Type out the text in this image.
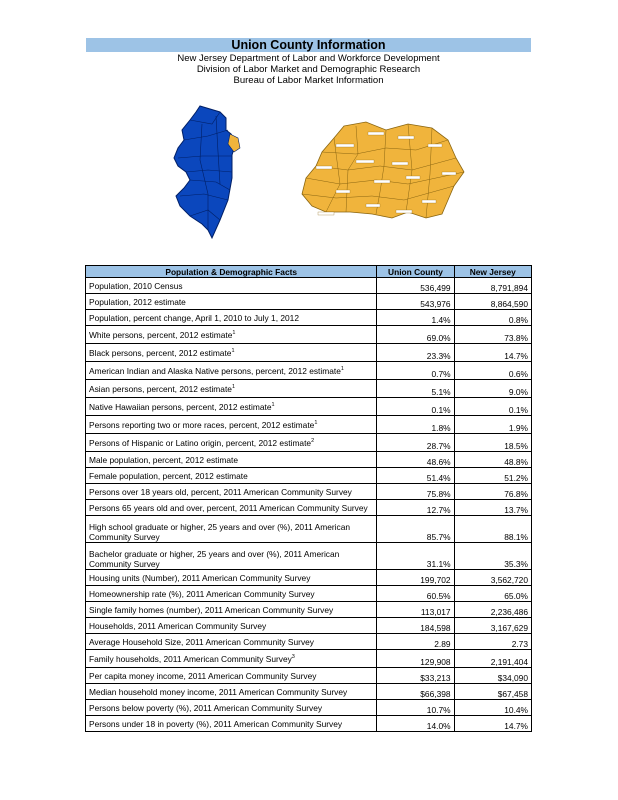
Union County Information
New Jersey Department of Labor and Workforce Development
Division of Labor Market and Demographic Research
Bureau of Labor Market Information
Population & Demographic Facts	Union County	New Jersey
Population, 2010 Census	536,499	8,791,894
Population, 2012 estimate	543,976	8,864,590
Population, percent change, April 1, 2010 to July 1, 2012	1.4%	0.8%
White persons, percent, 2012 estimate$^1$	69.0%	73.8%
Black persons, percent, 2012 estimate$^1$	23.3%	14.7%
American Indian and Alaska Native persons, percent, 2012 estimate$^1$	0.7%	0.6%
Asian persons, percent, 2012 estimate$^1$	5.1%	9.0%
Native Hawaiian persons, percent, 2012 estimate$^1$	0.1%	0.1%
Persons reporting two or more races, percent, 2012 estimate$^1$	1.8%	1.9%
Persons of Hispanic or Latino origin, percent, 2012 estimate$^2$	28.7%	18.5%
Male population, percent, 2012 estimate	48.6%	48.8%
Female population, percent, 2012 estimate	51.4%	51.2%
Persons over 18 years old, percent, 2011 American Community Survey	75.8%	76.8%
Persons 65 years old and over, percent, 2011 American Community Survey	12.7%	13.7%
High school graduate or higher, 25 years and over (%), 2011 American Community Survey	85.7%	88.1%
Bachelor graduate or higher, 25 years and over (%), 2011 American Community Survey	31.1%	35.3%
Housing units (Number), 2011 American Community Survey	199,702	3,562,720
Homeownership rate (%), 2011 American Community Survey	60.5%	65.0%
Single family homes (number), 2011 American Community Survey	113,017	2,236,486
Households, 2011 American Community Survey	184,598	3,167,629
Average Household Size, 2011 American Community Survey	2.89	2.73
Family households, 2011 American Community Survey$^3$	129,908	2,191,404
Per capita money income, 2011 American Community Survey	$33,213	$34,090
Median household money income, 2011 American Community Survey	$66,398	$67,458
Persons below poverty (%), 2011 American Community Survey	10.7%	10.4%
Persons under 18 in poverty (%), 2011 American Community Survey	14.0%	14.7%
